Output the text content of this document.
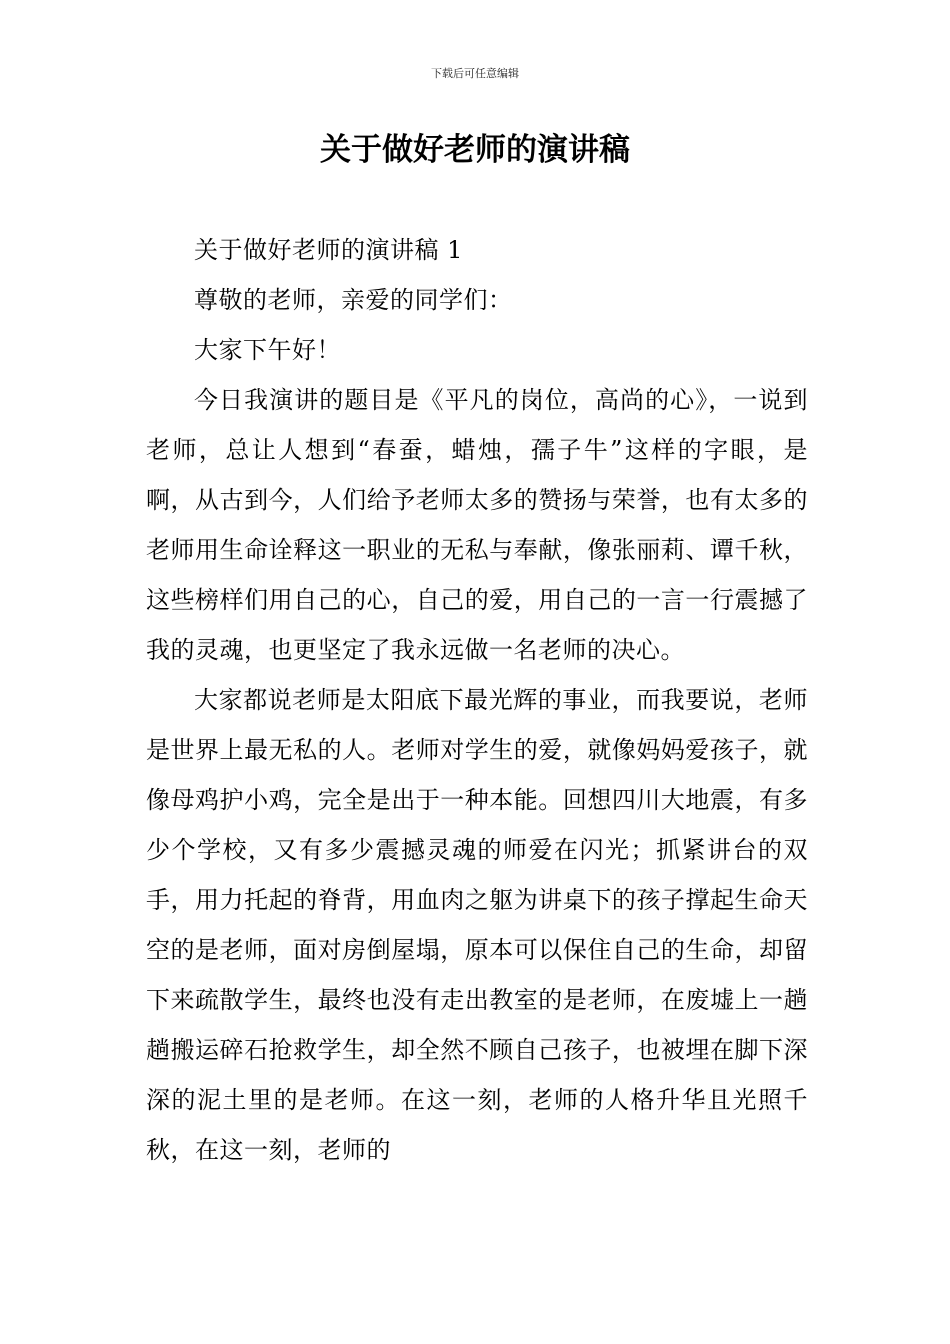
下载后可任意编辑
关于做好老师的演讲稿

关于做好老师的演讲稿 1

尊敬的老师，亲爱的同学们：

大家下午好！

今日我演讲的题目是《平凡的岗位，高尚的心》，一说到老师，总让人想到“春蚕，蜡烛，孺子牛”这样的字眼，是啊，从古到今，人们给予老师太多的赞扬与荣誉，也有太多的老师用生命诠释这一职业的无私与奉献，像张丽莉、谭千秋，这些榜样们用自己的心，自己的爱，用自己的一言一行震撼了我的灵魂，也更坚定了我永远做一名老师的决心。

大家都说老师是太阳底下最光辉的事业，而我要说，老师是世界上最无私的人。老师对学生的爱，就像妈妈爱孩子，就像母鸡护小鸡，完全是出于一种本能。回想四川大地震，有多少个学校，又有多少震撼灵魂的师爱在闪光；抓紧讲台的双手，用力托起的脊背，用血肉之躯为讲桌下的孩子撑起生命天空的是老师，面对房倒屋塌，原本可以保住自己的生命，却留下来疏散学生，最终也没有走出教室的是老师，在废墟上一趟趟搬运碎石抢救学生，却全然不顾自己孩子，也被埋在脚下深深的泥土里的是老师。在这一刻，老师的人格升华且光照千秋，在这一刻，老师的
